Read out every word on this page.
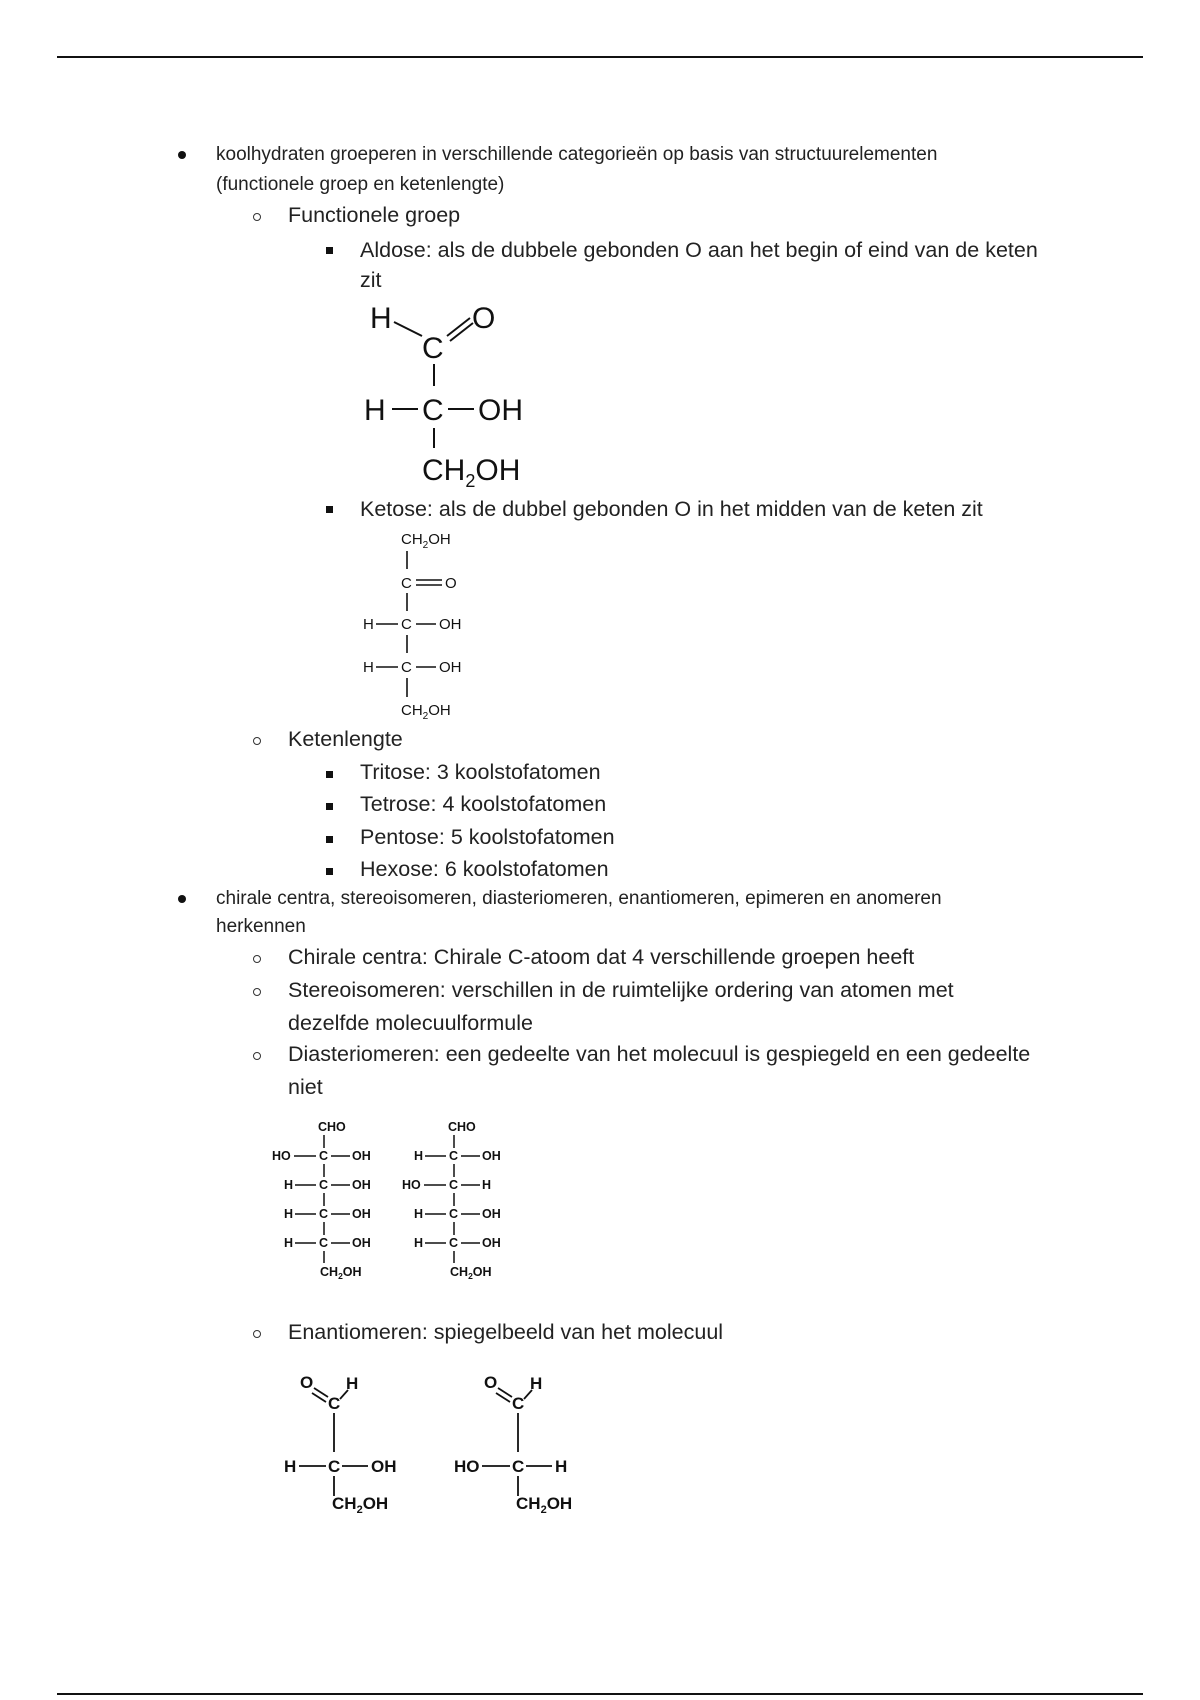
koolhydraten groeperen in verschillende categorieën op basis van structuurelementen
(functionele groep en ketenlengte)
Functionele groep
Aldose: als de dubbele gebonden O aan het begin of eind van de keten
zit
H	O
C
H C OH
$CH_2OH$
Ketose: als de dubbel gebonden O in het midden van de keten zit
$CH_2OH$
C O
H C OH
H C OH
$CH_2OH$
Ketenlengte
Tritose: 3 koolstofatomen
Tetrose: 4 koolstofatomen
Pentose: 5 koolstofatomen
Hexose: 6 koolstofatomen
chirale centra, stereoisomeren, diasteriomeren, enantiomeren, epimeren en anomeren
herkennen
Chirale centra: Chirale C-atoom dat 4 verschillende groepen heeft
Stereoisomeren: verschillen in de ruimtelijke ordering van atomen met
dezelfde molecuulformule
Diasteriomeren: een gedeelte van het molecuul is gespiegeld en een gedeelte
niet
CHO
HO C OH
H C OH
H C OH
H C OH
$CH_2OH$
CHO
H C OH
HO C H
H C OH
H C OH
$CH_2OH$
Enantiomeren: spiegelbeeld van het molecuul
O
C
H
H C OH
$CH_2OH$
O
C
H
HO C H
$CH_2OH$
